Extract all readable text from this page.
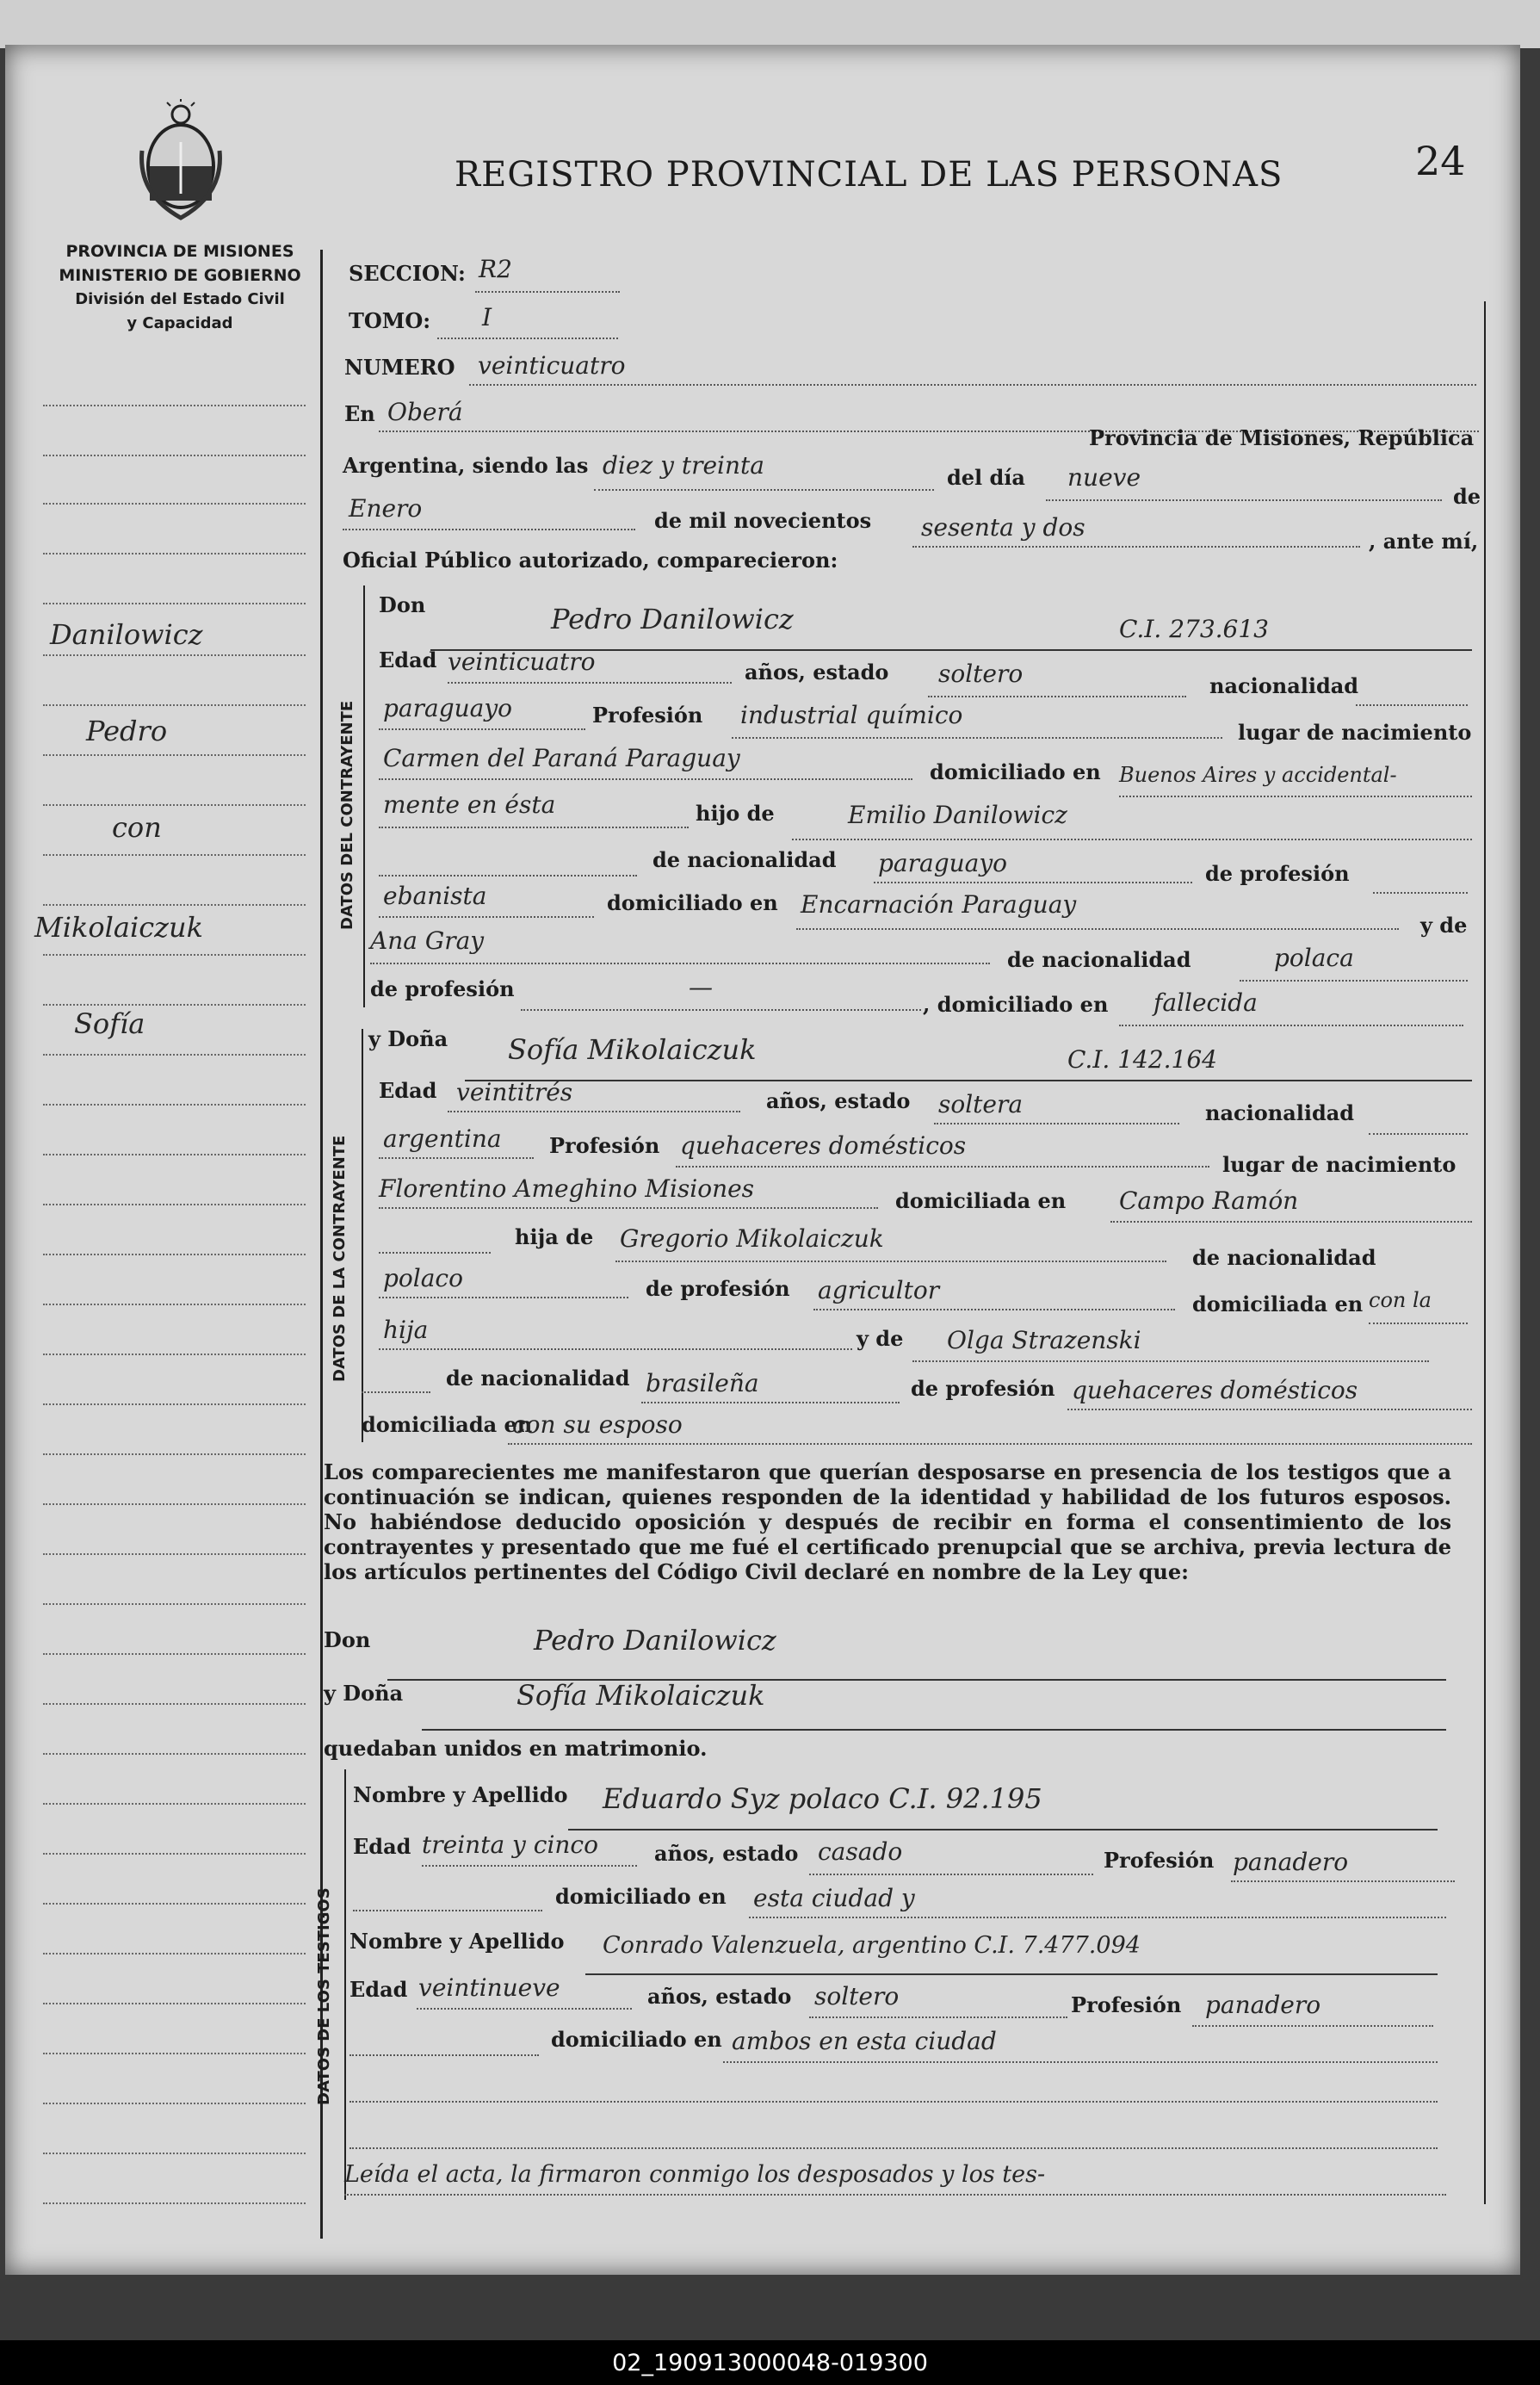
PROVINCIA DE MISIONES
MINISTERIO DE GOBIERNO
División del Estado Civil
y Capacidad
REGISTRO PROVINCIAL DE LAS PERSONAS	24
Danilowicz
Pedro
con
Mikolaiczuk
Sofía
SECCION: R2
TOMO: I
NUMERO veinticuatro
En Oberá
Provincia de Misiones, República
Argentina, siendo las diez y treinta	del día nueve
de
Enero	de mil novecientos sesenta y dos	, ante mí,
Oficial Público autorizado, comparecieron:
DATOS DEL CONTRAYENTE
Don	Pedro Danilowicz	C.I. 273.613
Edad veinticuatro	años, estado soltero	nacionalidad
paraguayo	Profesión industrial químico
lugar de nacimiento
Carmen del Paraná Paraguay	domiciliado en Buenos Aires y accidental-
mente en ésta	hijo de	Emilio Danilowicz
de nacionalidad paraguayo	de profesión
ebanista	domiciliado en Encarnación Paraguay
y de
Ana Gray
de nacionalidad	polaca
de profesión	—
, domiciliado en fallecida
DATOS DE LA CONTRAYENTE
y Doña Sofía Mikolaiczuk	C.I. 142.164
Edad veintitrés	años, estado soltera	nacionalidad
argentina Profesión quehaceres domésticos
lugar de nacimiento
Florentino Ameghino Misiones	domiciliada en Campo Ramón
hija de Gregorio Mikolaiczuk
de nacionalidad
polaco	de profesión agricultor	domiciliada en con la
hija	y de Olga Strazenski
de nacionalidad brasileña	de profesión quehaceres domésticos
domiciliada en
con su esposo
Los comparecientes me manifestaron que querían desposarse en presencia de los testigos que a continuación se indican, quienes responden de la identidad y habilidad de los futuros esposos. No habiéndose deducido oposición y después de recibir en forma el consentimiento de los contrayentes y presentado que me fué el certificado prenupcial que se archiva, previa lectura de los artículos pertinentes del Código Civil declaré en nombre de la Ley que:
Don	Pedro Danilowicz
y Doña	Sofía Mikolaiczuk
quedaban unidos en matrimonio.
DATOS DE LOS TESTIGOS
Nombre y Apellido Eduardo Syz polaco C.I. 92.195
Edad treinta y cinco	años, estado casado	Profesión panadero
domiciliado en esta ciudad y
Nombre y Apellido Conrado Valenzuela, argentino C.I. 7.477.094
Edad veintinueve	años, estado soltero	Profesión panadero
domiciliado en ambos en esta ciudad
Leída el acta, la firmaron conmigo los desposados y los tes-
02_190913000048-019300
